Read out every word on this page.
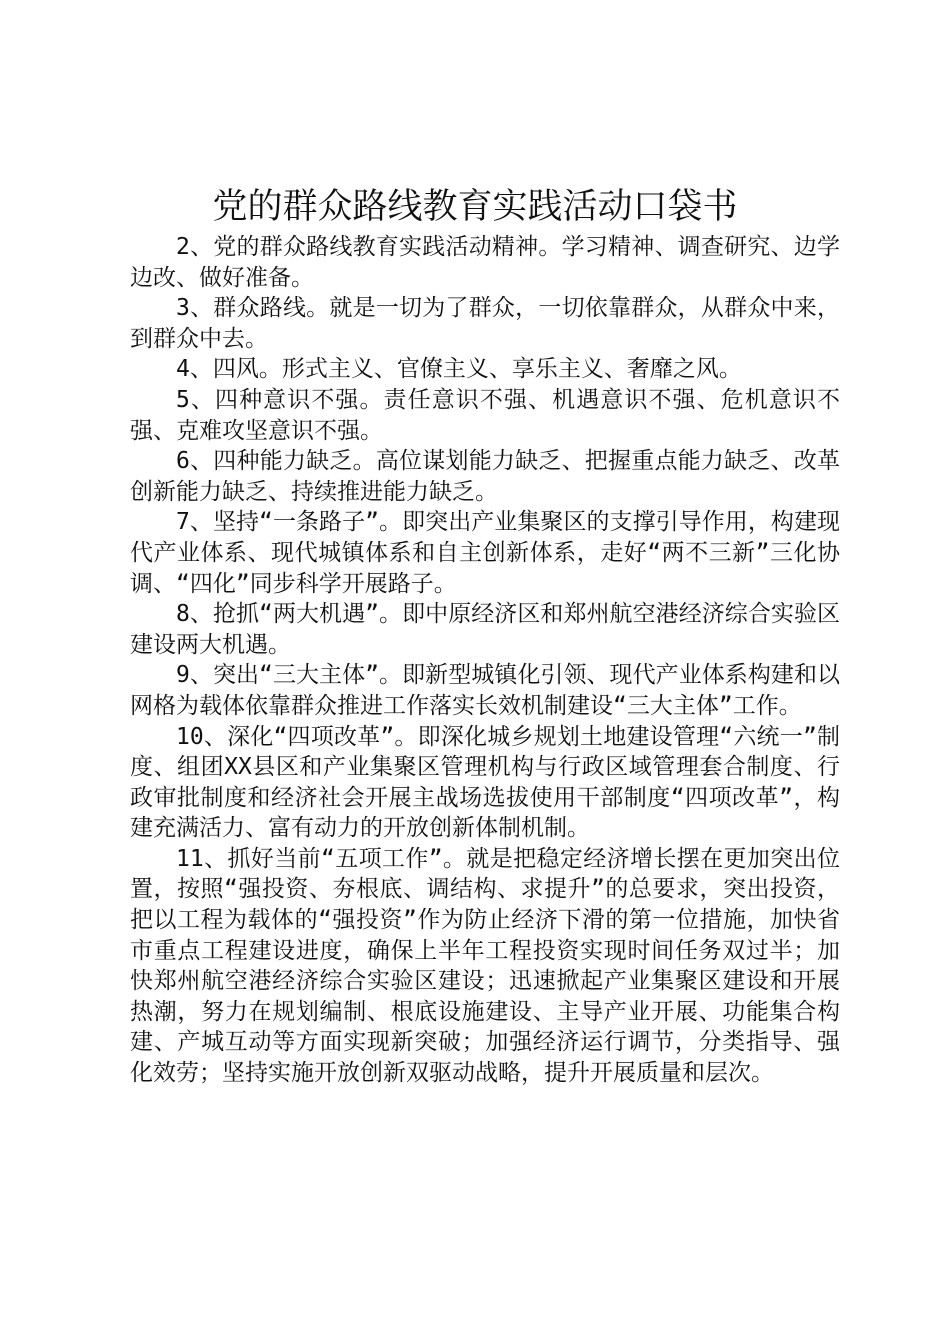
党的群众路线教育实践活动口袋书

2、党的群众路线教育实践活动精神。学习精神、调查研究、边学边改、做好准备。

3、群众路线。就是一切为了群众，一切依靠群众，从群众中来，到群众中去。

4、四风。形式主义、官僚主义、享乐主义、奢靡之风。

5、四种意识不强。责任意识不强、机遇意识不强、危机意识不强、克难攻坚意识不强。

6、四种能力缺乏。高位谋划能力缺乏、把握重点能力缺乏、改革创新能力缺乏、持续推进能力缺乏。

7、坚持“一条路子”。即突出产业集聚区的支撑引导作用，构建现代产业体系、现代城镇体系和自主创新体系，走好“两不三新”三化协调、“四化”同步科学开展路子。

8、抢抓“两大机遇”。即中原经济区和郑州航空港经济综合实验区建设两大机遇。

9、突出“三大主体”。即新型城镇化引领、现代产业体系构建和以网格为载体依靠群众推进工作落实长效机制建设“三大主体”工作。

10、深化“四项改革”。即深化城乡规划土地建设管理“六统一”制度、组团XX县区和产业集聚区管理机构与行政区域管理套合制度、行政审批制度和经济社会开展主战场选拔使用干部制度“四项改革”，构建充满活力、富有动力的开放创新体制机制。

11、抓好当前“五项工作”。就是把稳定经济增长摆在更加突出位置，按照“强投资、夯根底、调结构、求提升”的总要求，突出投资，把以工程为载体的“强投资”作为防止经济下滑的第一位措施，加快省市重点工程建设进度，确保上半年工程投资实现时间任务双过半；加快郑州航空港经济综合实验区建设；迅速掀起产业集聚区建设和开展热潮，努力在规划编制、根底设施建设、主导产业开展、功能集合构建、产城互动等方面实现新突破；加强经济运行调节，分类指导、强化效劳；坚持实施开放创新双驱动战略，提升开展质量和层次。
